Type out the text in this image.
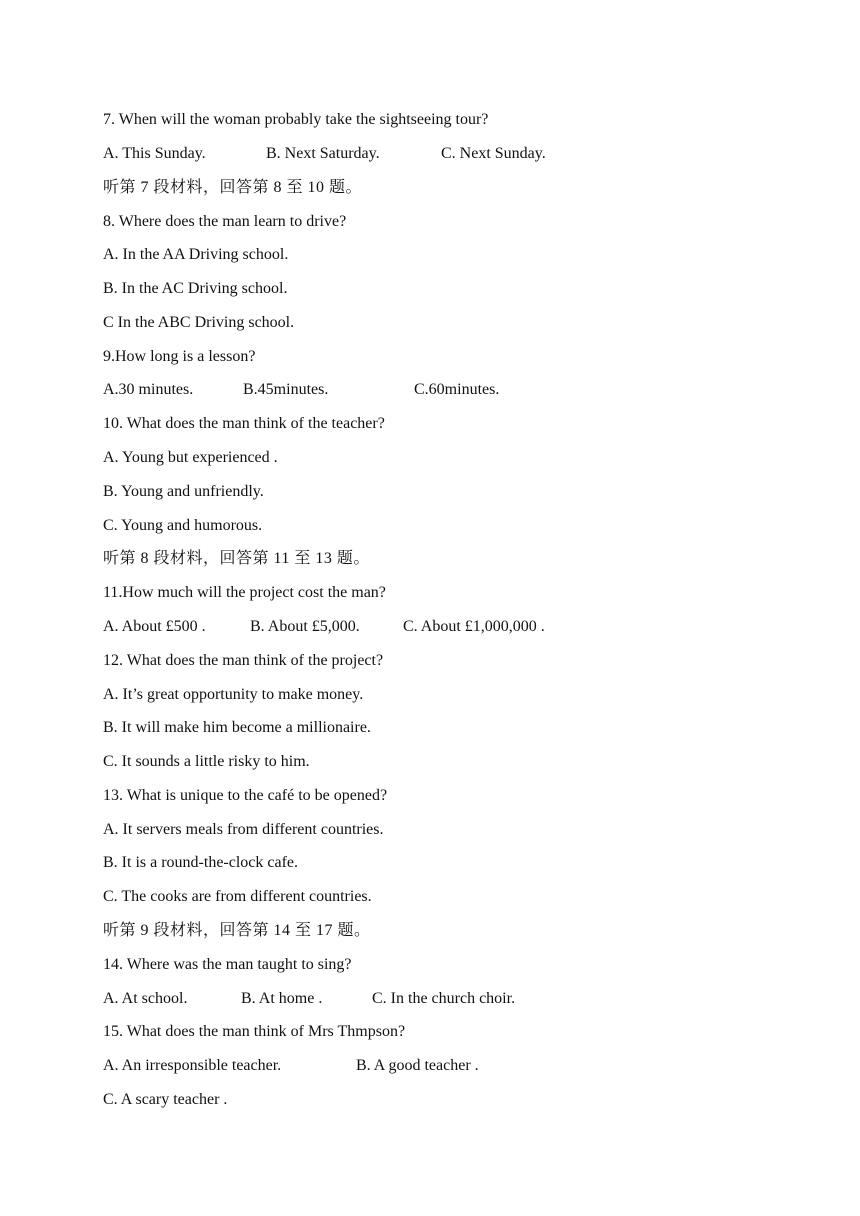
7. When will the woman probably take the sightseeing tour?
A. This Sunday.	B. Next Saturday.	C. Next Sunday.
听第 7 段材料，回答第 8 至 10 题。
8. Where does the man learn to drive?
A. In the AA Driving school.
B. In the AC Driving school.
C In the ABC Driving school.
9.How long is a lesson?
A.30 minutes.	B.45minutes.	C.60minutes.
10. What does the man think of the teacher?
A. Young but experienced .
B. Young and unfriendly.
C. Young and humorous.
听第 8 段材料，回答第 11 至 13 题。
11.How much will the project cost the man?
A. About £500 .	B. About £5,000.	C. About £1,000,000 .
12. What does the man think of the project?
A. It’s great opportunity to make money.
B. It will make him become a millionaire.
C. It sounds a little risky to him.
13. What is unique to the café to be opened?
A. It servers meals from different countries.
B. It is a round-the-clock cafe.
C. The cooks are from different countries.
听第 9 段材料，回答第 14 至 17 题。
14. Where was the man taught to sing?
A. At school.	B. At home .	C. In the church choir.
15. What does the man think of Mrs Thmpson?
A. An irresponsible teacher.	B. A good teacher .
C. A scary teacher .
